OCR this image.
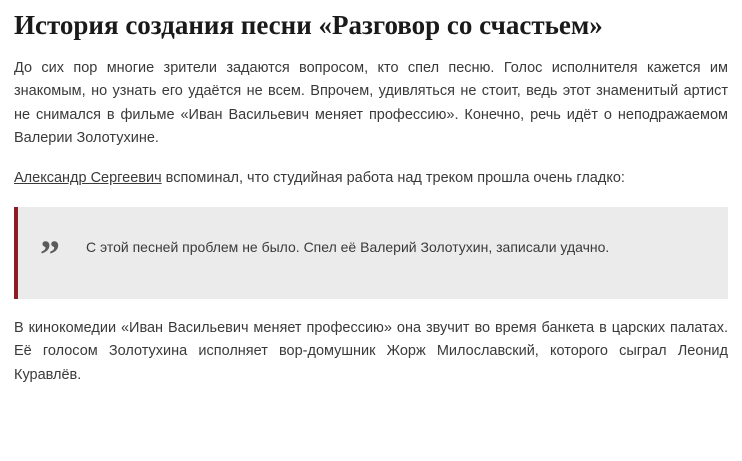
История создания песни «Разговор со счастьем»

До сих пор многие зрители задаются вопросом, кто спел песню. Голос исполнителя кажется им знакомым, но узнать его удаётся не всем. Впрочем, удивляться не стоит, ведь этот знаменитый артист не снимался в фильме «Иван Васильевич меняет профессию». Конечно, речь идёт о неподражаемом Валерии Золотухине.

Александр Сергеевич вспоминал, что студийная работа над треком прошла очень гладко:

” С этой песней проблем не было. Спел её Валерий Золотухин, записали удачно.

В кинокомедии «Иван Васильевич меняет профессию» она звучит во время банкета в царских палатах. Её голосом Золотухина исполняет вор-домушник Жорж Милославский, которого сыграл Леонид Куравлёв.
